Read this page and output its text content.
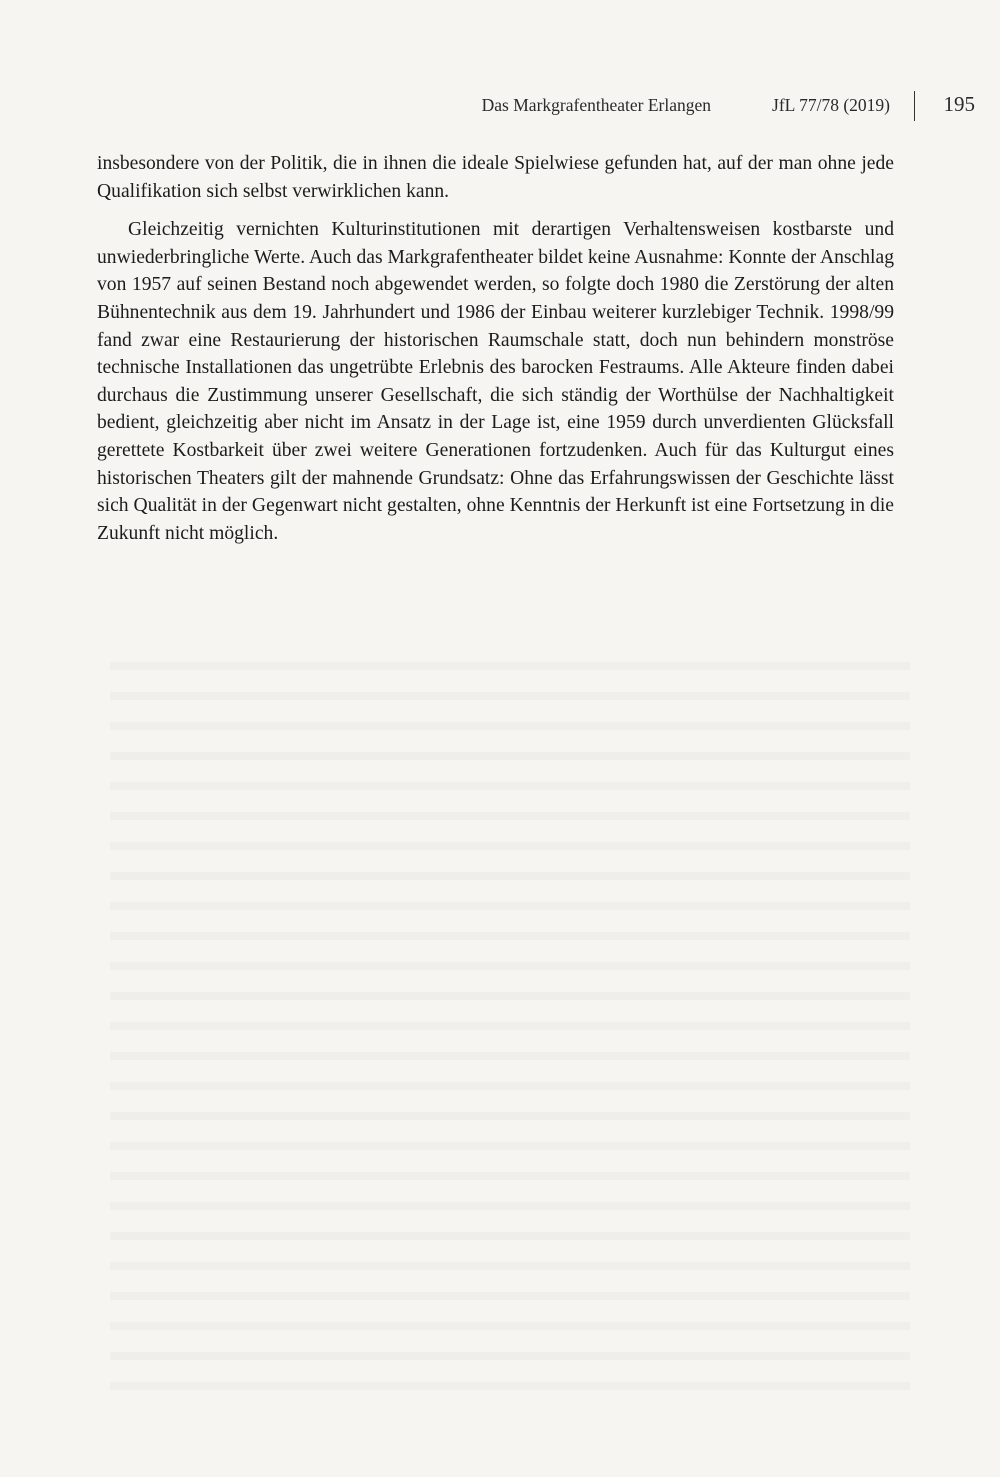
Das Markgrafentheater Erlangen	JfL 77/78 (2019)	195

insbesondere von der Politik, die in ihnen die ideale Spielwiese gefunden hat, auf der man ohne jede Qualifikation sich selbst verwirklichen kann.

Gleichzeitig vernichten Kulturinstitutionen mit derartigen Verhaltensweisen kostbarste und unwiederbringliche Werte. Auch das Markgrafentheater bildet keine Ausnahme: Konnte der Anschlag von 1957 auf seinen Bestand noch abgewendet werden, so folgte doch 1980 die Zerstörung der alten Bühnentechnik aus dem 19. Jahrhundert und 1986 der Einbau weiterer kurzlebiger Technik. 1998/99 fand zwar eine Restaurierung der historischen Raumschale statt, doch nun behindern monströse technische Installationen das ungetrübte Erlebnis des barocken Festraums. Alle Akteure finden dabei durchaus die Zustimmung unserer Gesellschaft, die sich ständig der Worthülse der Nachhaltigkeit bedient, gleichzeitig aber nicht im Ansatz in der Lage ist, eine 1959 durch unverdienten Glücksfall gerettete Kostbarkeit über zwei weitere Generationen fortzudenken. Auch für das Kulturgut eines historischen Theaters gilt der mahnende Grundsatz: Ohne das Erfahrungswissen der Geschichte lässt sich Qualität in der Gegenwart nicht gestalten, ohne Kenntnis der Herkunft ist eine Fortsetzung in die Zukunft nicht möglich.
